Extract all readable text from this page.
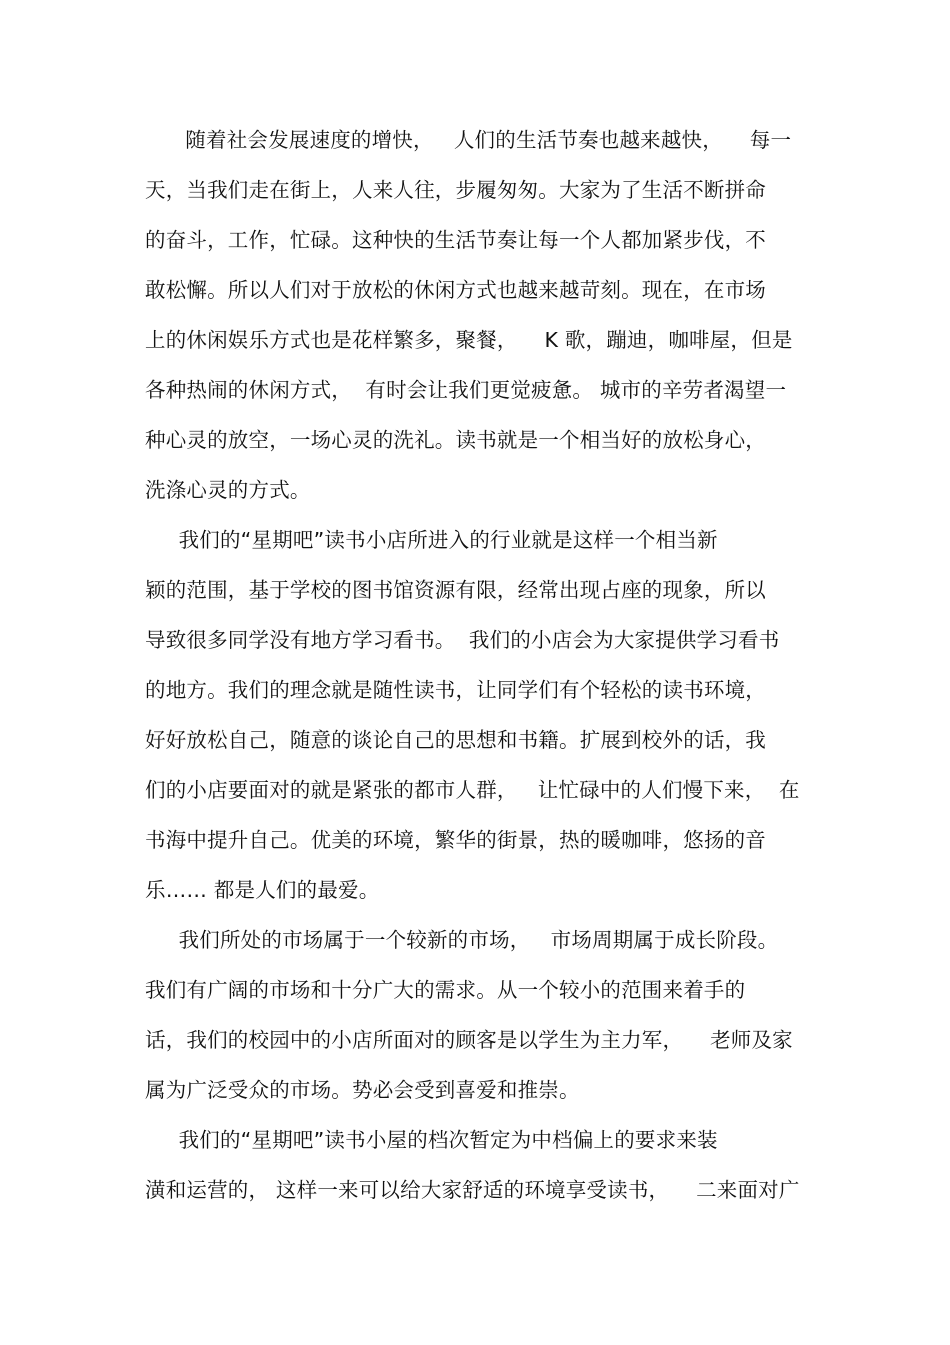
随着社会发展速度的增快，   人们的生活节奏也越来越快，    每一
天，当我们走在街上，人来人往，步履匆匆。大家为了生活不断拼命
的奋斗，工作，忙碌。这种快的生活节奏让每一个人都加紧步伐，不
敢松懈。所以人们对于放松的休闲方式也越来越苛刻。现在，在市场
上的休闲娱乐方式也是花样繁多，聚餐，    K 歌，蹦迪，咖啡屋，但是
各种热闹的休闲方式，  有时会让我们更觉疲惫。 城市的辛劳者渴望一
种心灵的放空，一场心灵的洗礼。读书就是一个相当好的放松身心，
洗涤心灵的方式。
我们的“星期吧”读书小店所进入的行业就是这样一个相当新
颖的范围，基于学校的图书馆资源有限，经常出现占座的现象，所以
导致很多同学没有地方学习看书。  我们的小店会为大家提供学习看书
的地方。我们的理念就是随性读书，让同学们有个轻松的读书环境，
好好放松自己，随意的谈论自己的思想和书籍。扩展到校外的话，我
们的小店要面对的就是紧张的都市人群，   让忙碌中的人们慢下来，  在
书海中提升自己。优美的环境，繁华的街景，热的暖咖啡，悠扬的音
乐…… 都是人们的最爱。
我们所处的市场属于一个较新的市场，   市场周期属于成长阶段。
我们有广阔的市场和十分广大的需求。从一个较小的范围来着手的
话，我们的校园中的小店所面对的顾客是以学生为主力军，    老师及家
属为广泛受众的市场。势必会受到喜爱和推崇。
我们的“星期吧”读书小屋的档次暂定为中档偏上的要求来装
潢和运营的， 这样一来可以给大家舒适的环境享受读书，    二来面对广
